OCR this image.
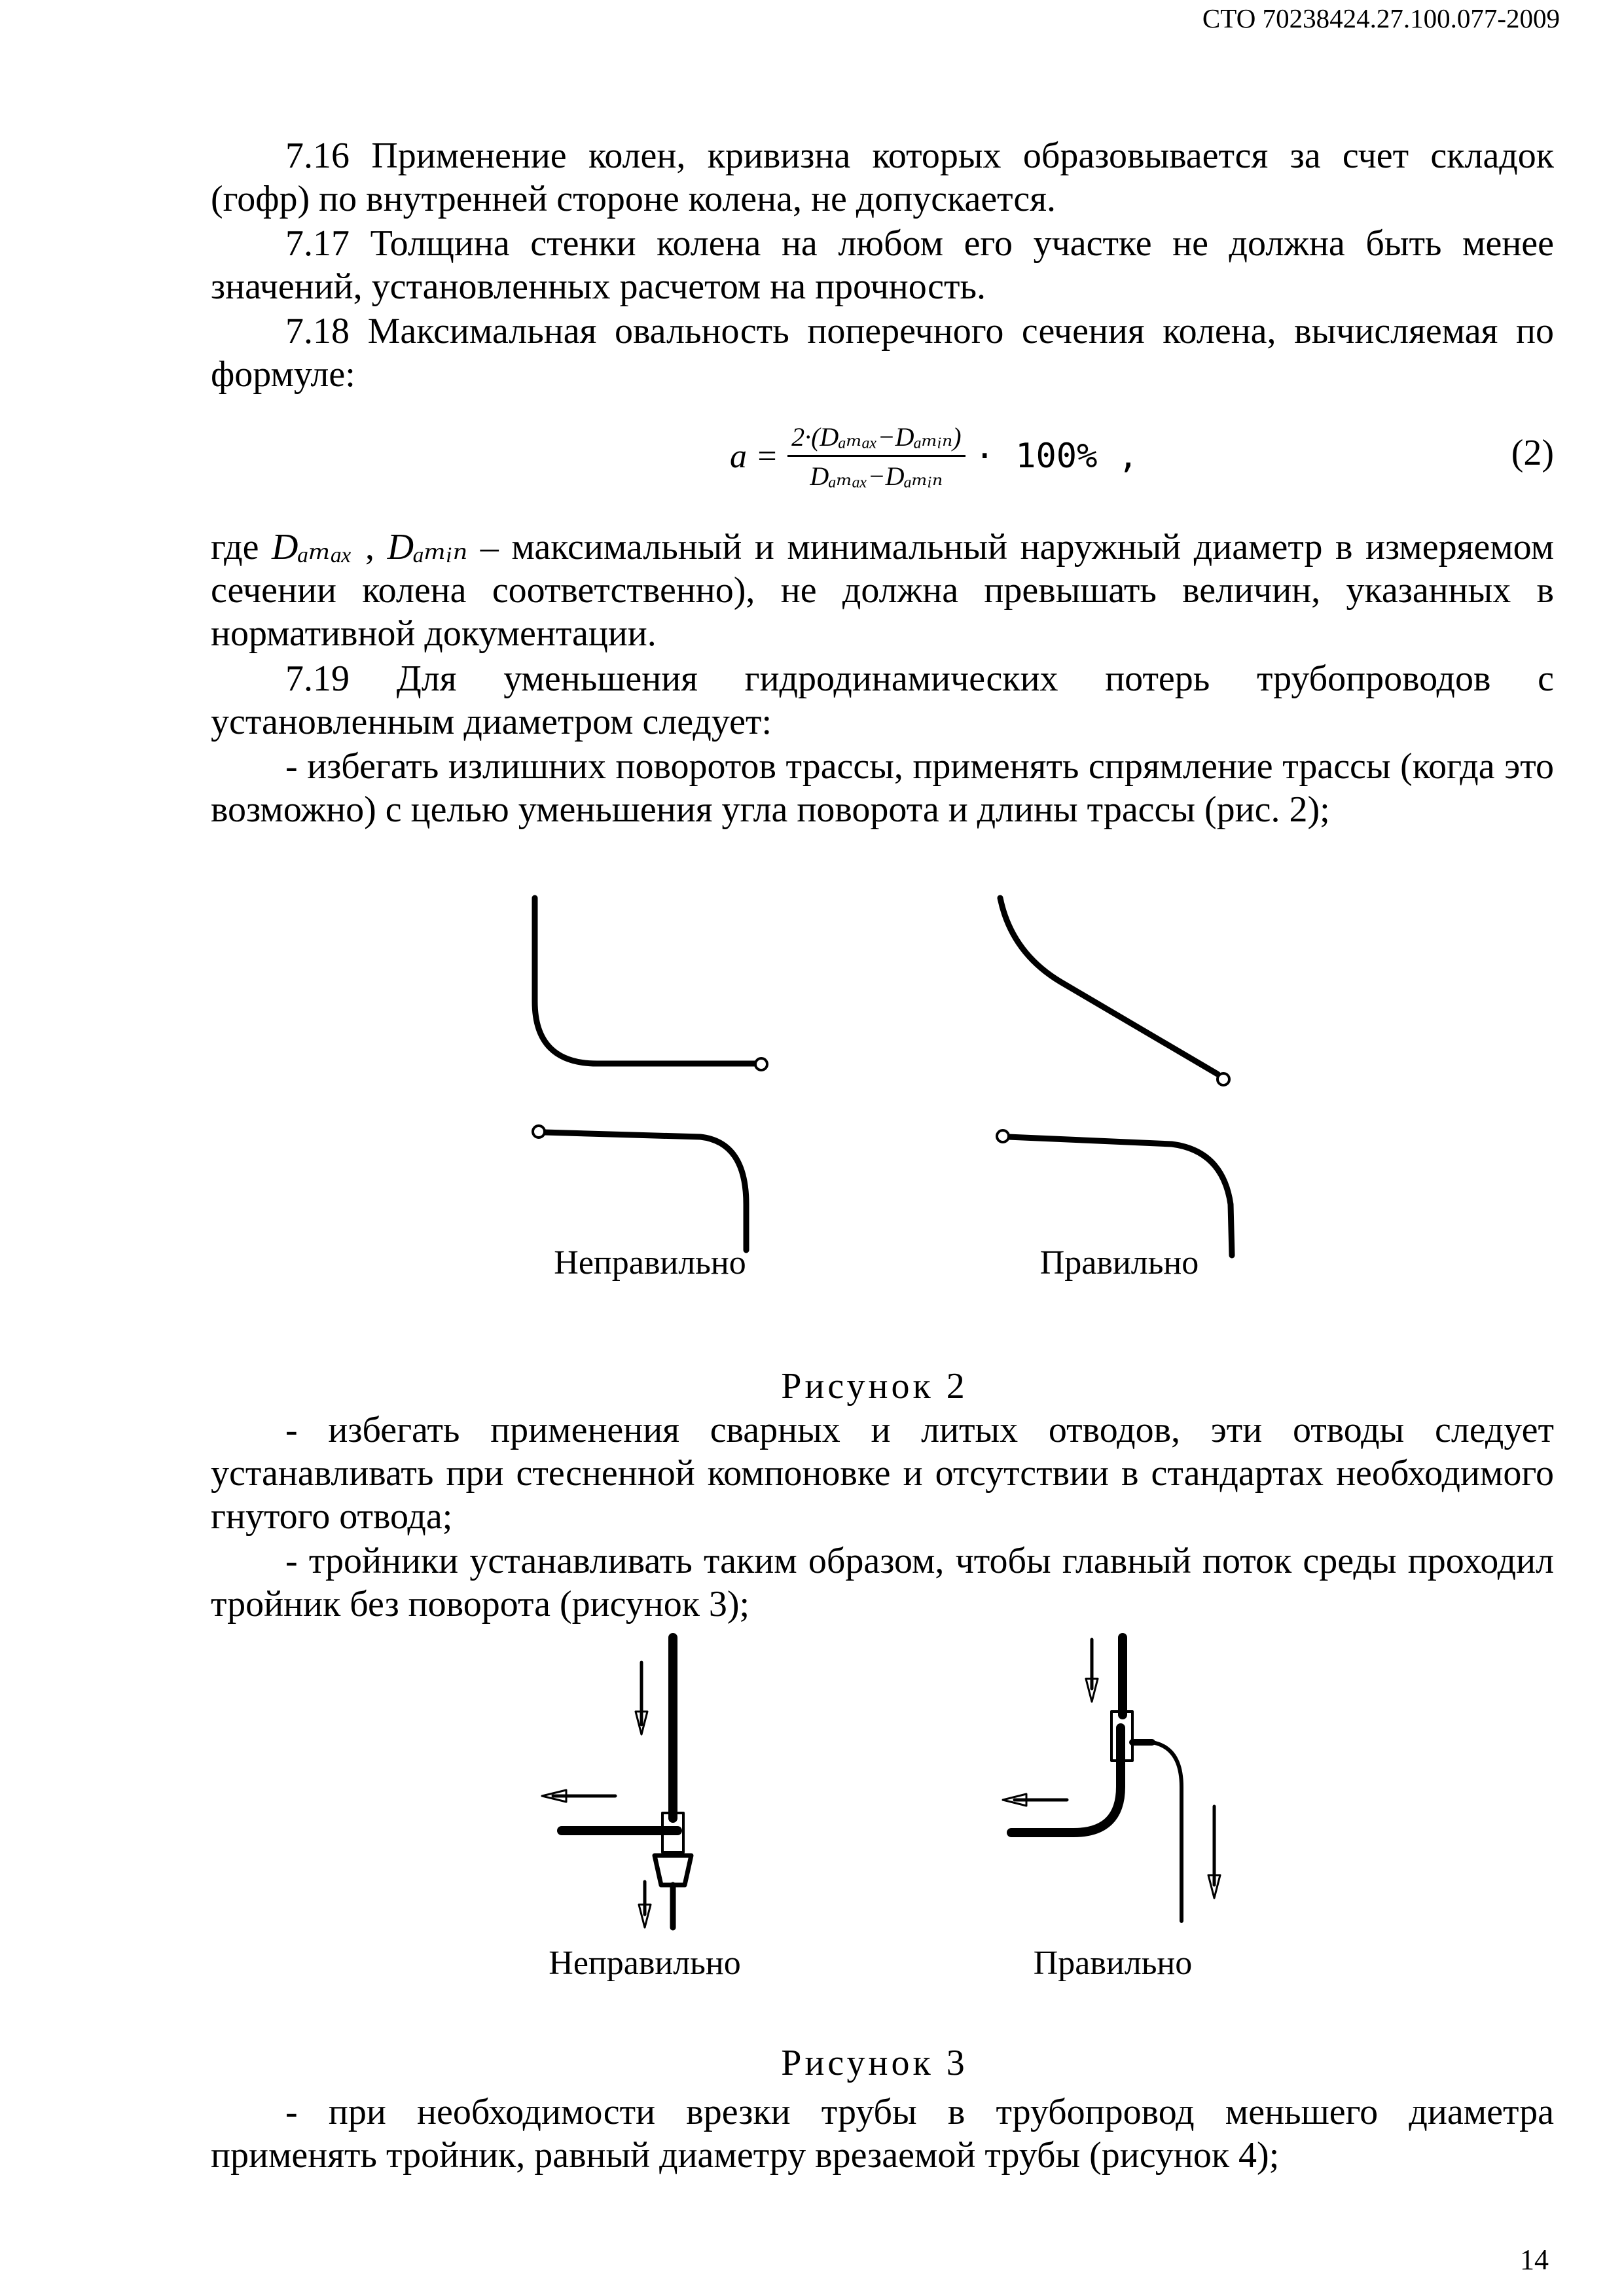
СТО 70238424.27.100.077-2009
7.16 Применение колен, кривизна которых образовывается за счет складок (гофр) по внутренней стороне колена, не допускается.
7.17 Толщина стенки колена на любом его участке не должна быть менее значений, установленных расчетом на прочность.
7.18 Максимальная овальность поперечного сечения колена, вычисляемая по формуле:
$a = \frac{\text{2·(Dₐₘₐₓ−Dₐₘᵢₙ)}}{\text{Dₐₘₐₓ−Dₐₘᵢₙ}} \cdot 100\%$ ,	(2)
где Dₐₘₐₓ , Dₐₘᵢₙ – максимальный и минимальный наружный диаметр в измеряемом сечении колена соответственно), не должна превышать величин, указанных в нормативной документации.
7.19 Для уменьшения гидродинамических потерь трубопроводов с установленным диаметром следует:
- избегать излишних поворотов трассы, применять спрямление трассы (когда это возможно) с целью уменьшения угла поворота и длины трассы (рис. 2);
Неправильно	Правильно
Рисунок 2
- избегать применения сварных и литых отводов, эти отводы следует устанавливать при стесненной компоновке и отсутствии в стандартах необходимого гнутого отвода;
- тройники устанавливать таким образом, чтобы главный поток среды проходил тройник без поворота (рисунок 3);
Неправильно	Правильно
Рисунок 3
- при необходимости врезки трубы в трубопровод меньшего диаметра применять тройник, равный диаметру врезаемой трубы (рисунок 4);
14
